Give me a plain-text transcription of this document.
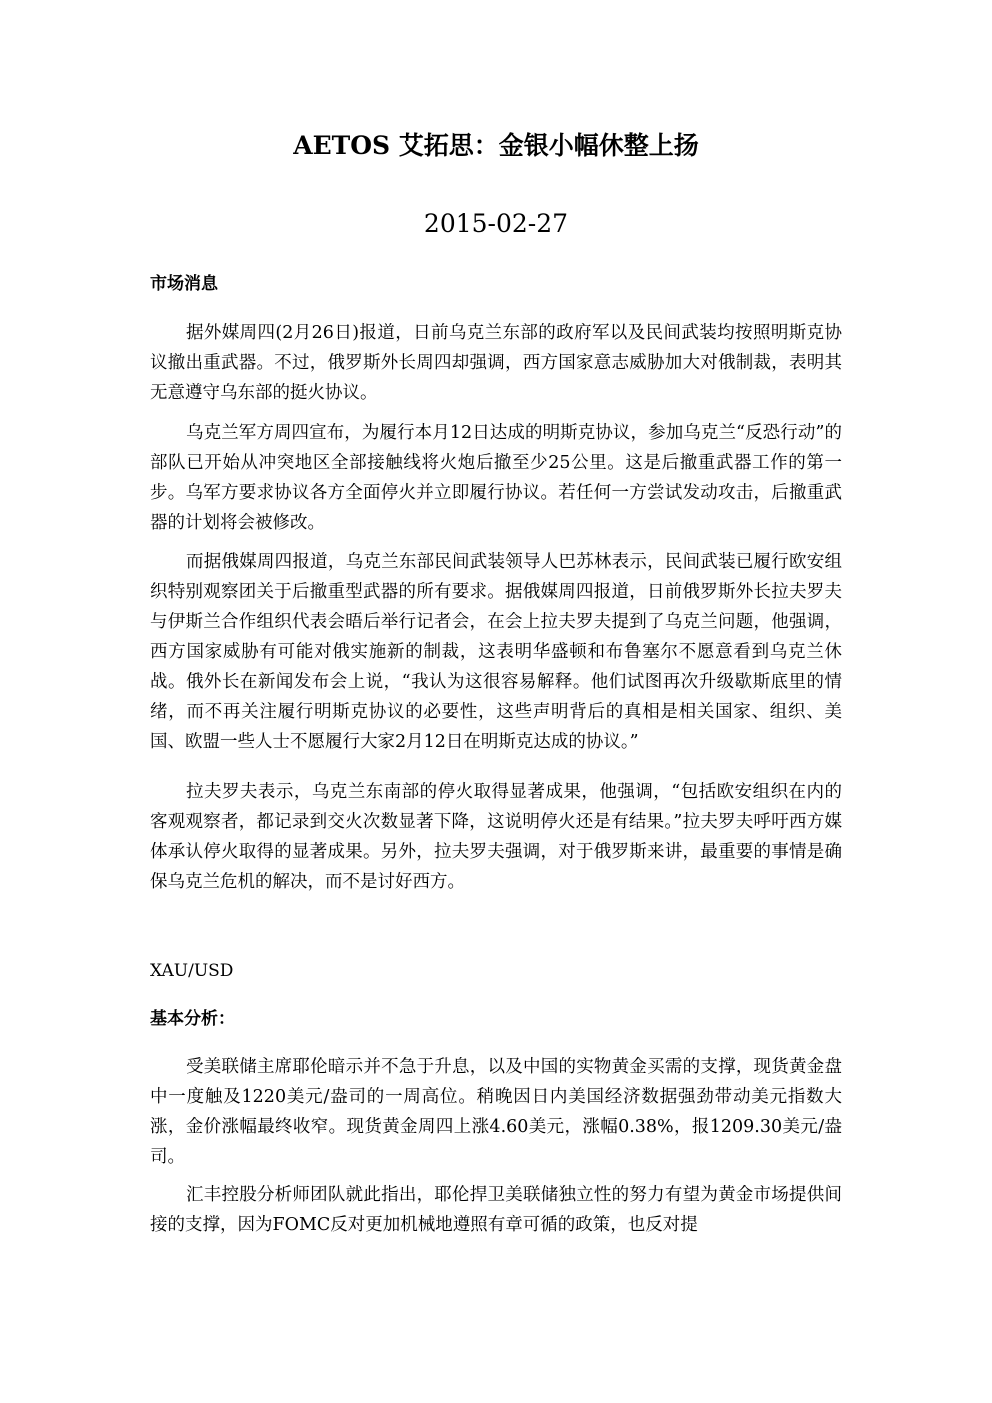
AETOS 艾拓思：金银小幅休整上扬
2015-02-27
市场消息

据外媒周四(2月26日)报道，日前乌克兰东部的政府军以及民间武装均按照明斯克协议撤出重武器。不过，俄罗斯外长周四却强调，西方国家意志威胁加大对俄制裁，表明其无意遵守乌东部的挺火协议。

乌克兰军方周四宣布，为履行本月12日达成的明斯克协议，参加乌克兰“反恐行动”的部队已开始从冲突地区全部接触线将火炮后撤至少25公里。这是后撤重武器工作的第一步。乌军方要求协议各方全面停火并立即履行协议。若任何一方尝试发动攻击，后撤重武器的计划将会被修改。

而据俄媒周四报道，乌克兰东部民间武装领导人巴苏林表示，民间武装已履行欧安组织特别观察团关于后撤重型武器的所有要求。据俄媒周四报道，日前俄罗斯外长拉夫罗夫与伊斯兰合作组织代表会晤后举行记者会，在会上拉夫罗夫提到了乌克兰问题，他强调，西方国家威胁有可能对俄实施新的制裁，这表明华盛顿和布鲁塞尔不愿意看到乌克兰休战。俄外长在新闻发布会上说，“我认为这很容易解释。他们试图再次升级歇斯底里的情绪，而不再关注履行明斯克协议的必要性，这些声明背后的真相是相关国家、组织、美国、欧盟一些人士不愿履行大家2月12日在明斯克达成的协议。”

拉夫罗夫表示，乌克兰东南部的停火取得显著成果，他强调，“包括欧安组织在内的客观观察者，都记录到交火次数显著下降，这说明停火还是有结果。”拉夫罗夫呼吁西方媒体承认停火取得的显著成果。另外，拉夫罗夫强调，对于俄罗斯来讲，最重要的事情是确保乌克兰危机的解决，而不是讨好西方。

XAU/USD
基本分析：

受美联储主席耶伦暗示并不急于升息，以及中国的实物黄金买需的支撑，现货黄金盘中一度触及1220美元/盎司的一周高位。稍晚因日内美国经济数据强劲带动美元指数大涨，金价涨幅最终收窄。现货黄金周四上涨4.60美元，涨幅0.38%，报1209.30美元/盎司。

汇丰控股分析师团队就此指出，耶伦捍卫美联储独立性的努力有望为黄金市场提供间接的支撑，因为FOMC反对更加机械地遵照有章可循的政策，也反对提
